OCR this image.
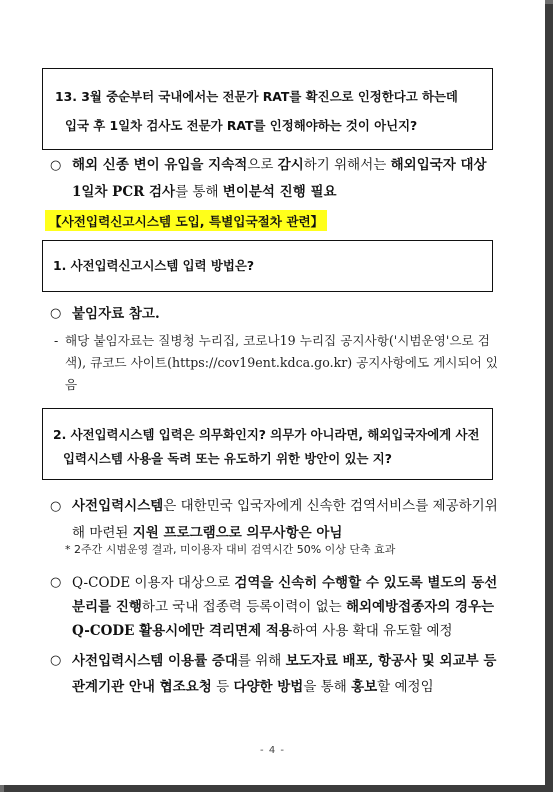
13. 3월 중순부터 국내에서는 전문가 RAT를 확진으로 인정한다고 하는데
입국 후 1일차 검사도 전문가 RAT를 인정해야하는 것이 아닌지?
○ 해외 신종 변이 유입을 지속적으로 감시하기 위해서는 해외입국자 대상 1일차 PCR 검사를 통해 변이분석 진행 필요
【사전입력신고시스템 도입, 특별입국절차 관련】
1. 사전입력신고시스템 입력 방법은?
○ 붙임자료 참고.
- 해당 붙임자료는 질병청 누리집, 코로나19 누리집 공지사항('시범운영'으로 검색), 큐코드 사이트(https://cov19ent.kdca.go.kr) 공지사항에도 게시되어 있음
2. 사전입력시스템 입력은 의무화인지? 의무가 아니라면, 해외입국자에게 사전
입력시스템 사용을 독려 또는 유도하기 위한 방안이 있는 지?
○ 사전입력시스템은 대한민국 입국자에게 신속한 검역서비스를 제공하기위해 마련된 지원 프로그램으로 의무사항은 아님
* 2주간 시범운영 결과, 미이용자 대비 검역시간 50% 이상 단축 효과
○ Q-CODE 이용자 대상으로 검역을 신속히 수행할 수 있도록 별도의 동선 분리를 진행하고 국내 접종력 등록이력이 없는 해외예방접종자의 경우는 Q-CODE 활용시에만 격리면제 적용하여 사용 확대 유도할 예정
○ 사전입력시스템 이용률 증대를 위해 보도자료 배포, 항공사 및 외교부 등 관계기관 안내 협조요청 등 다양한 방법을 통해 홍보할 예정임
- 4 -
